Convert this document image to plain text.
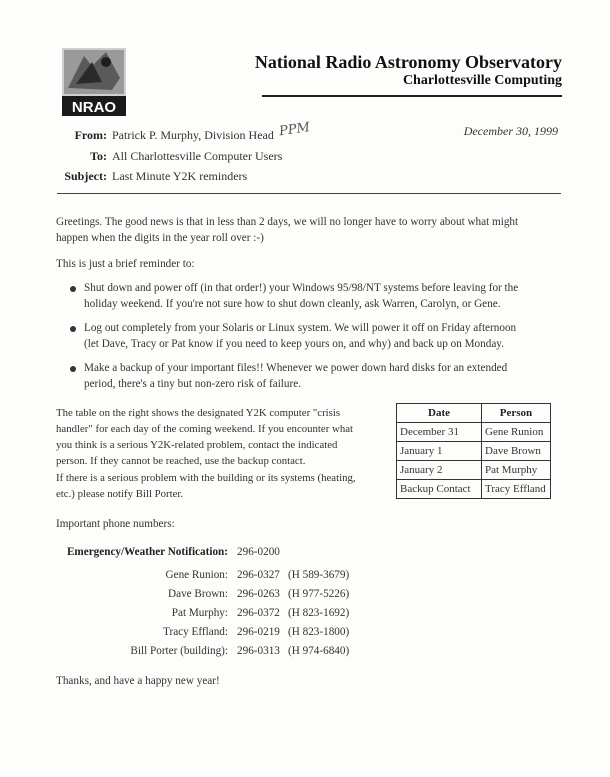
NRAO
National Radio Astronomy Observatory
Charlottesville Computing
From: Patrick P. Murphy, Division Head PPM	December 30, 1999
To: All Charlottesville Computer Users
Subject: Last Minute Y2K reminders
Greetings. The good news is that in less than 2 days, we will no longer have to worry about what might
happen when the digits in the year roll over :-)
This is just a brief reminder to:
Shut down and power off (in that order!) your Windows 95/98/NT systems before leaving for the
holiday weekend. If you're not sure how to shut down cleanly, ask Warren, Carolyn, or Gene.
Log out completely from your Solaris or Linux system. We will power it off on Friday afternoon
(let Dave, Tracy or Pat know if you need to keep yours on, and why) and back up on Monday.
Make a backup of your important files!! Whenever we power down hard disks for an extended
period, there's a tiny but non-zero risk of failure.
The table on the right shows the designated Y2K computer "crisis
handler" for each day of the coming weekend. If you encounter what
you think is a serious Y2K-related problem, contact the indicated
person. If they cannot be reached, use the backup contact.
If there is a serious problem with the building or its systems (heating,
etc.) please notify Bill Porter.
Date	Person
December 31	Gene Runion
January 1	Dave Brown
January 2	Pat Murphy
Backup Contact	Tracy Effland
Important phone numbers:
Emergency/Weather Notification: 296-0200
Gene Runion: 296-0327 (H 589-3679)
Dave Brown: 296-0263 (H 977-5226)
Pat Murphy: 296-0372 (H 823-1692)
Tracy Effland: 296-0219 (H 823-1800)
Bill Porter (building): 296-0313 (H 974-6840)
Thanks, and have a happy new year!
